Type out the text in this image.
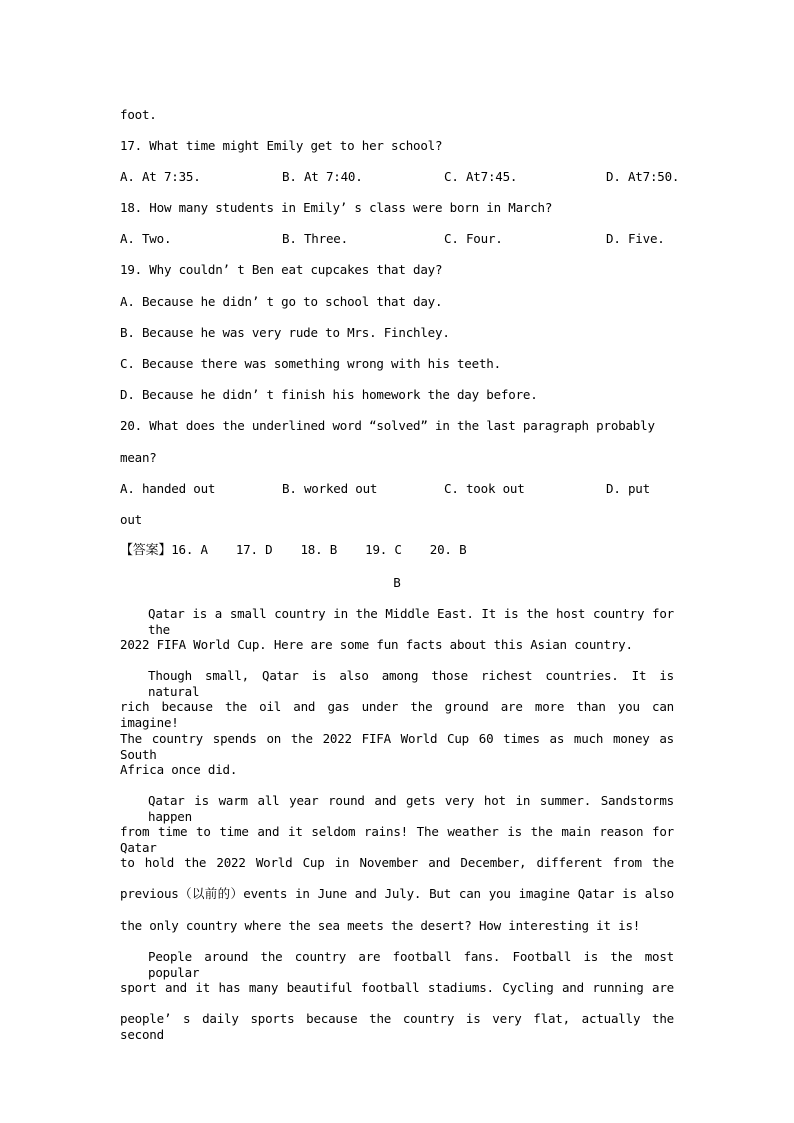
foot.
17. What time might Emily get to her school?
A. At 7:35.	B. At 7:40.	C. At7:45.	D. At7:50.
18. How many students in Emily’ s class were born in March?
A. Two.	B. Three.	C. Four.	D. Five.
19. Why couldn’ t Ben eat cupcakes that day?
A. Because he didn’ t go to school that day.
B. Because he was very rude to Mrs. Finchley.
C. Because there was something wrong with his teeth.
D. Because he didn’ t finish his homework the day before.
20. What does the underlined word “solved” in the last paragraph probably
mean?
A. handed out	B. worked out	C. took out	D. put
out
【答案】16. A 17. D 18. B 19. C 20. B
B
Qatar is a small country in the Middle East. It is the host country for the
2022 FIFA World Cup. Here are some fun facts about this Asian country.
Though small, Qatar is also among those richest countries. It is natural
rich because the oil and gas under the ground are more than you can imagine!
The country spends on the 2022 FIFA World Cup 60 times as much money as South
Africa once did.
Qatar is warm all year round and gets very hot in summer. Sandstorms happen
from time to time and it seldom rains! The weather is the main reason for Qatar
to hold the 2022 World Cup in November and December, different from the
previous（以前的）events in June and July. But can you imagine Qatar is also
the only country where the sea meets the desert? How interesting it is!
People around the country are football fans. Football is the most popular
sport and it has many beautiful football stadiums. Cycling and running are
people’ s daily sports because the country is very flat, actually the second
